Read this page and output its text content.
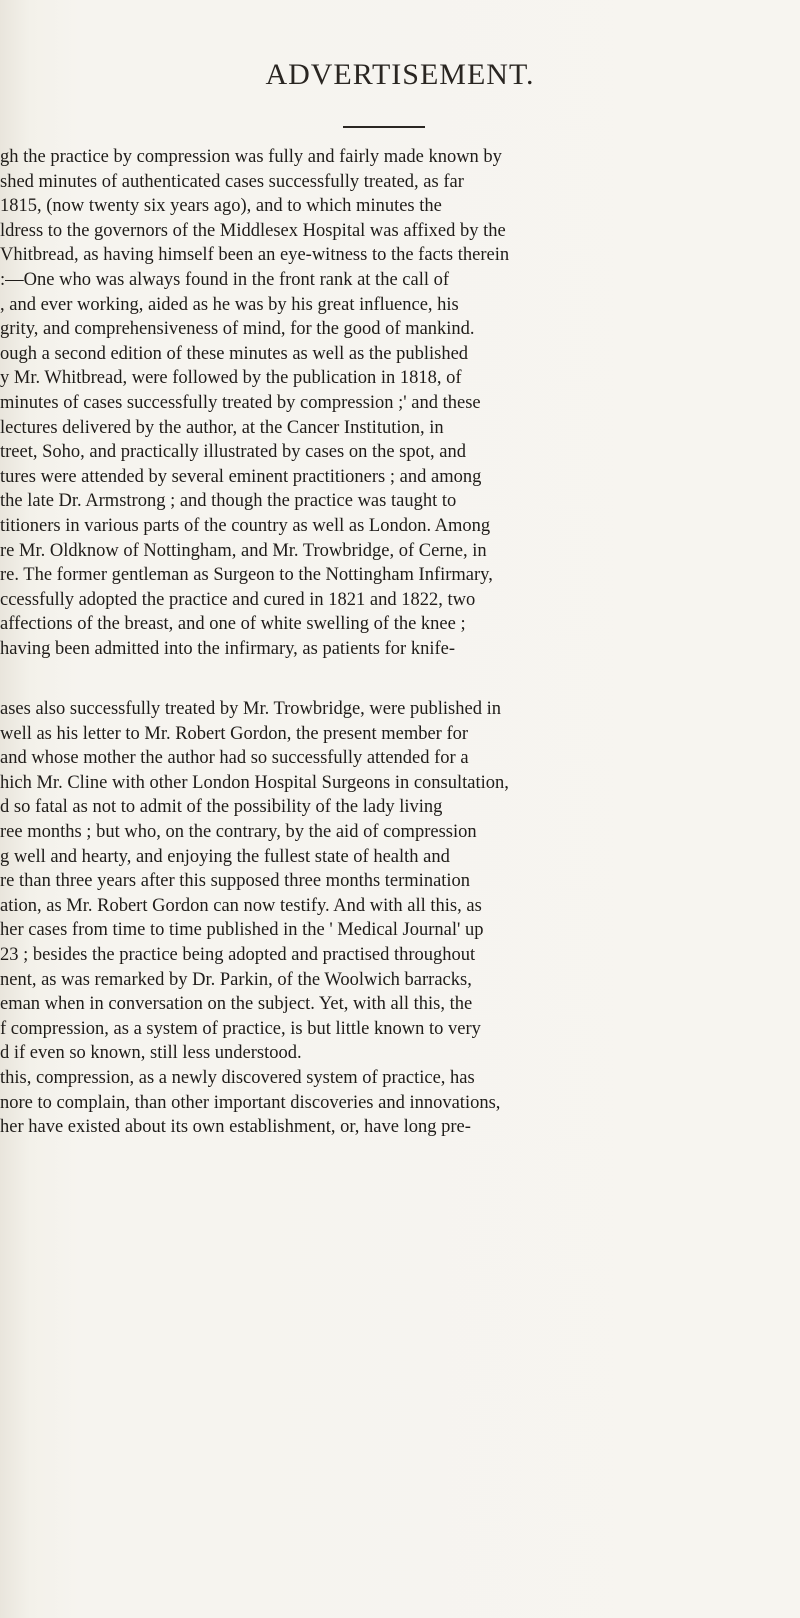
ADVERTISEMENT.
gh the practice by compression was fully and fairly made known by
shed minutes of authenticated cases successfully treated, as far
1815, (now twenty six years ago), and to which minutes the
ldress to the governors of the Middlesex Hospital was affixed by the
Vhitbread, as having himself been an eye-witness to the facts therein
:—One who was always found in the front rank at the call of
, and ever working, aided as he was by his great influence, his
grity, and comprehensiveness of mind, for the good of mankind.
ough a second edition of these minutes as well as the published
y Mr. Whitbread, were followed by the publication in 1818, of
minutes of cases successfully treated by compression ;' and these
lectures delivered by the author, at the Cancer Institution, in
treet, Soho, and practically illustrated by cases on the spot, and
tures were attended by several eminent practitioners ; and among
the late Dr. Armstrong ; and though the practice was taught to
titioners in various parts of the country as well as London. Among
re Mr. Oldknow of Nottingham, and Mr. Trowbridge, of Cerne, in
re. The former gentleman as Surgeon to the Nottingham Infirmary,
ccessfully adopted the practice and cured in 1821 and 1822, two
affections of the breast, and one of white swelling of the knee ;
having been admitted into the infirmary, as patients for knife-
ases also successfully treated by Mr. Trowbridge, were published in
well as his letter to Mr. Robert Gordon, the present member for
and whose mother the author had so successfully attended for a
hich Mr. Cline with other London Hospital Surgeons in consultation,
d so fatal as not to admit of the possibility of the lady living
ree months ; but who, on the contrary, by the aid of compression
g well and hearty, and enjoying the fullest state of health and
re than three years after this supposed three months termination
ation, as Mr. Robert Gordon can now testify. And with all this, as
her cases from time to time published in the ' Medical Journal' up
23 ; besides the practice being adopted and practised throughout
nent, as was remarked by Dr. Parkin, of the Woolwich barracks,
eman when in conversation on the subject. Yet, with all this, the
f compression, as a system of practice, is but little known to very
d if even so known, still less understood.
this, compression, as a newly discovered system of practice, has
nore to complain, than other important discoveries and innovations,
her have existed about its own establishment, or, have long pre-
